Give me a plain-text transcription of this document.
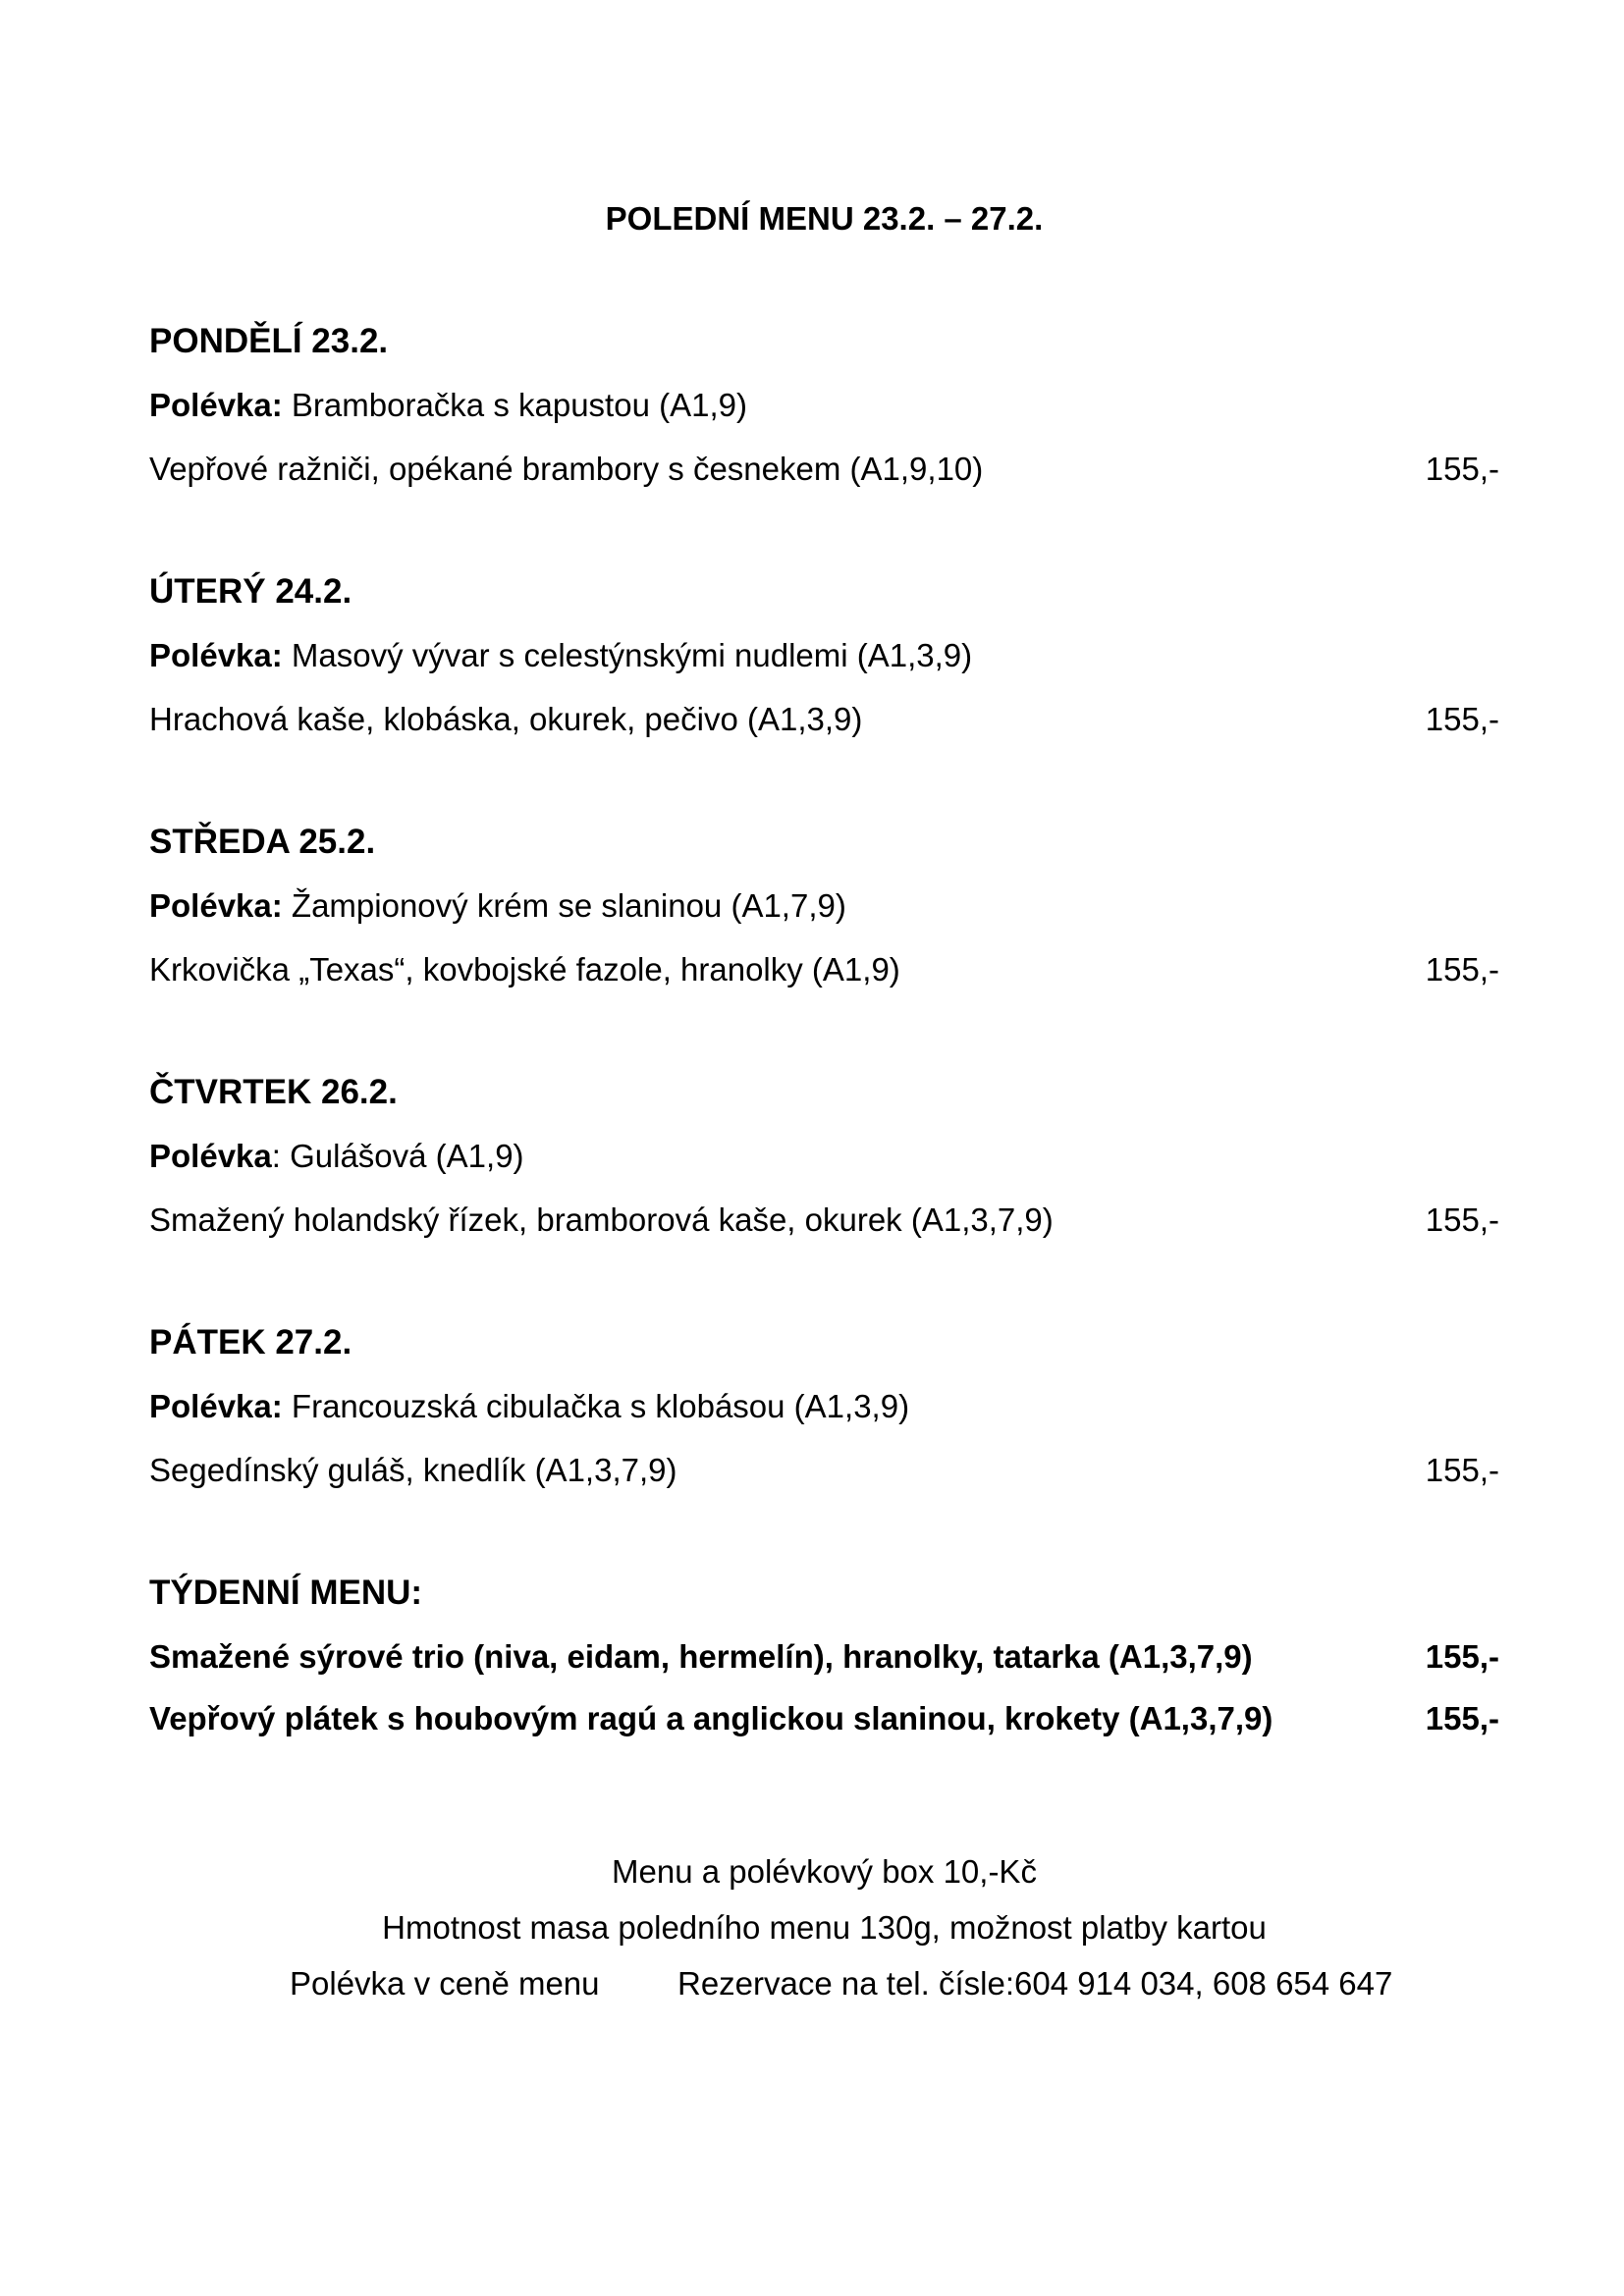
POLEDNÍ MENU 23.2. – 27.2.
PONDĚLÍ 23.2.
Polévka: Bramboračka s kapustou (A1,9)
Vepřové ražniči, opékané brambory s česnekem (A1,9,10)	155,-
ÚTERÝ 24.2.
Polévka: Masový vývar s celestýnskými nudlemi (A1,3,9)
Hrachová kaše, klobáska, okurek, pečivo (A1,3,9)	155,-
STŘEDA 25.2.
Polévka: Žampionový krém se slaninou (A1,7,9)
Krkovička „Texas“, kovbojské fazole, hranolky (A1,9)	155,-
ČTVRTEK 26.2.
Polévka: Gulášová (A1,9)
Smažený holandský řízek, bramborová kaše, okurek (A1,3,7,9)	155,-
PÁTEK 27.2.
Polévka: Francouzská cibulačka s klobásou (A1,3,9)
Segedínský guláš, knedlík (A1,3,7,9)	155,-
TÝDENNÍ MENU:
Smažené sýrové trio (niva, eidam, hermelín), hranolky, tatarka (A1,3,7,9)	155,-
Vepřový plátek s houbovým ragú a anglickou slaninou, krokety (A1,3,7,9)	155,-
Menu a polévkový box 10,-Kč
Hmotnost masa poledního menu 130g, možnost platby kartou
Polévka v ceně menu Rezervace na tel. čísle:604 914 034, 608 654 647
